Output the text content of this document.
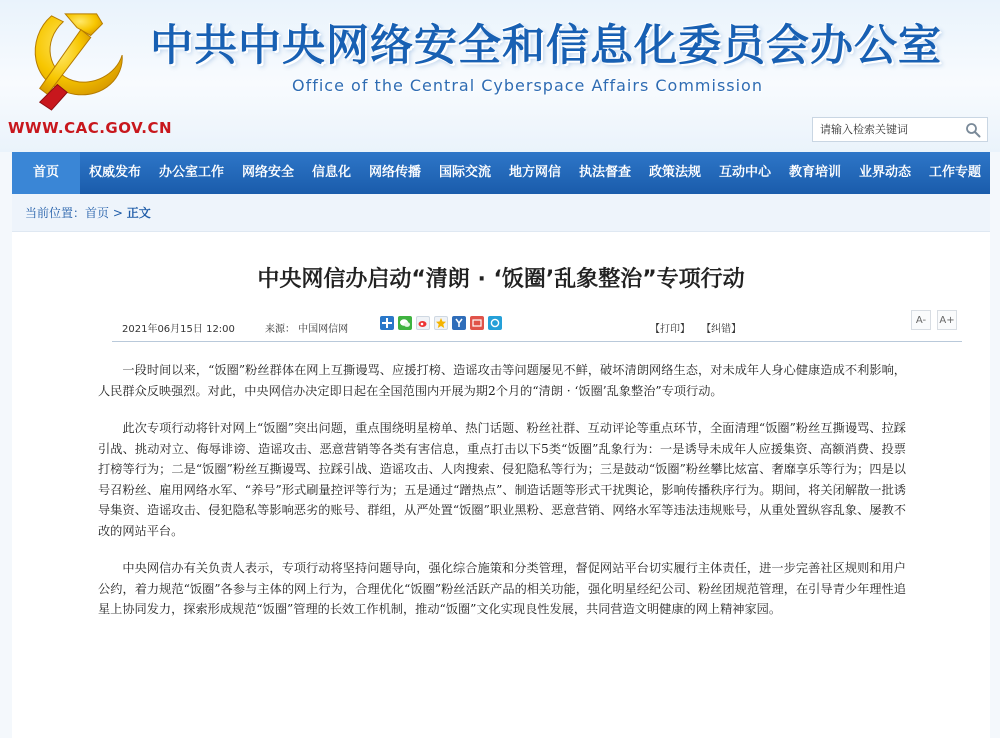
中共中央网络安全和信息化委员会办公室
Office of the Central Cyberspace Affairs Commission
WWW.CAC.GOV.CN
请输入检索关键词
首页	权威发布	办公室工作	网络安全	信息化	网络传播	国际交流	地方网信	执法督查	政策法规	互动中心	教育培训	业界动态	工作专题
当前位置：首页 > 正文
中央网信办启动“清朗 · ‘饭圈’乱象整治”专项行动
2021年06月15日 12:00	来源： 中国网信网	【打印】 【纠错】
A-	A+

一段时间以来，“饭圈”粉丝群体在网上互撕谩骂、应援打榜、造谣攻击等问题屡见不鲜，破坏清朗网络生态，对未成年人身心健康造成不利影响，人民群众反映强烈。对此，中央网信办决定即日起在全国范围内开展为期2个月的“清朗 · ‘饭圈’乱象整治”专项行动。

此次专项行动将针对网上“饭圈”突出问题，重点围绕明星榜单、热门话题、粉丝社群、互动评论等重点环节，全面清理“饭圈”粉丝互撕谩骂、拉踩引战、挑动对立、侮辱诽谤、造谣攻击、恶意营销等各类有害信息，重点打击以下5类“饭圈”乱象行为：一是诱导未成年人应援集资、高额消费、投票打榜等行为；二是“饭圈”粉丝互撕谩骂、拉踩引战、造谣攻击、人肉搜索、侵犯隐私等行为；三是鼓动“饭圈”粉丝攀比炫富、奢靡享乐等行为；四是以号召粉丝、雇用网络水军、“养号”形式刷量控评等行为；五是通过“蹭热点”、制造话题等形式干扰舆论，影响传播秩序行为。期间，将关闭解散一批诱导集资、造谣攻击、侵犯隐私等影响恶劣的账号、群组，从严处置“饭圈”职业黑粉、恶意营销、网络水军等违法违规账号，从重处置纵容乱象、屡教不改的网站平台。

中央网信办有关负责人表示，专项行动将坚持问题导向，强化综合施策和分类管理，督促网站平台切实履行主体责任，进一步完善社区规则和用户公约，着力规范“饭圈”各参与主体的网上行为，合理优化“饭圈”粉丝活跃产品的相关功能，强化明星经纪公司、粉丝团规范管理，在引导青少年理性追星上协同发力，探索形成规范“饭圈”管理的长效工作机制，推动“饭圈”文化实现良性发展，共同营造文明健康的网上精神家园。
